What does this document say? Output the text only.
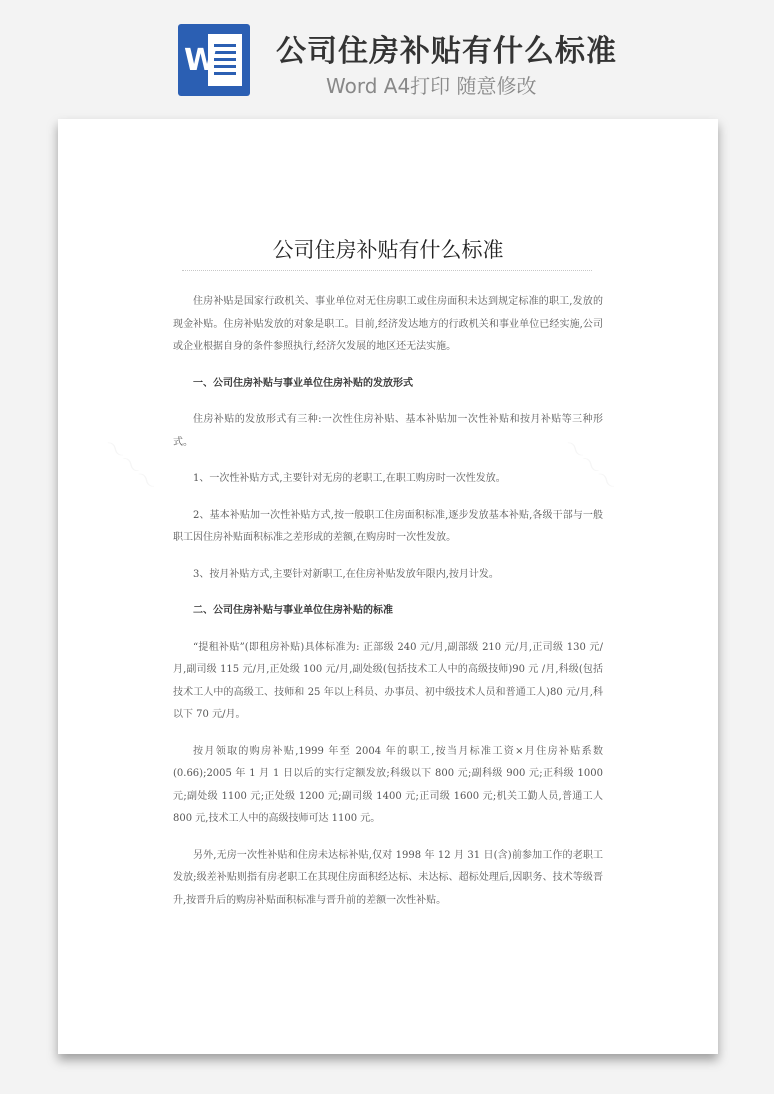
W 公司住房补贴有什么标准
Word A4打印 随意修改
公司住房补贴有什么标准

住房补贴是国家行政机关、事业单位对无住房职工或住房面积未达到规定标准的职工,发放的现金补贴。住房补贴发放的对象是职工。目前,经济发达地方的行政机关和事业单位已经实施,公司或企业根据自身的条件参照执行,经济欠发展的地区还无法实施。

一、公司住房补贴与事业单位住房补贴的发放形式

住房补贴的发放形式有三种:一次性住房补贴、基本补贴加一次性补贴和按月补贴等三种形式。

1、一次性补贴方式,主要针对无房的老职工,在职工购房时一次性发放。

2、基本补贴加一次性补贴方式,按一般职工住房面积标准,逐步发放基本补贴,各级干部与一般职工因住房补贴面积标准之差形成的差额,在购房时一次性发放。

3、按月补贴方式,主要针对新职工,在住房补贴发放年限内,按月计发。

二、公司住房补贴与事业单位住房补贴的标准

“提租补贴”(即租房补贴)具体标准为: 正部级 240 元/月,副部级 210 元/月,正司级 130 元/月,副司级 115 元/月,正处级 100 元/月,副处级(包括技术工人中的高级技师)90 元 /月,科级(包括技术工人中的高级工、技师和 25 年以上科员、办事员、初中级技术人员和普通工人)80 元/月,科以下 70 元/月。

按月领取的购房补贴,1999 年至 2004 年的职工,按当月标准工资×月住房补贴系数(0.66);2005 年 1 月 1 日以后的实行定额发放;科级以下 800 元;副科级 900 元;正科级 1000 元;副处级 1100 元;正处级 1200 元;副司级 1400 元;正司级 1600 元;机关工勤人员,普通工人 800 元,技术工人中的高级技师可达 1100 元。

另外,无房一次性补贴和住房未达标补贴,仅对 1998 年 12 月 31 日(含)前参加工作的老职工发放;级差补贴则指有房老职工在其现住房面积经达标、未达标、超标处理后,因职务、技术等级晋升,按晋升后的购房补贴面积标准与晋升前的差额一次性补贴。
